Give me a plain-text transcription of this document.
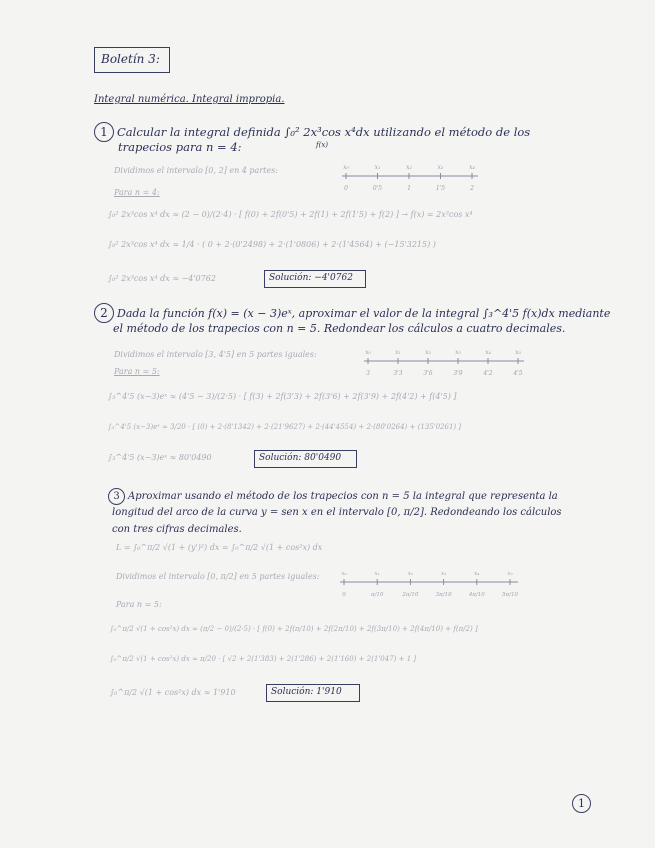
Boletín 3:
Integral numérica. Integral impropia.
1 Calcular la integral definida ∫₀² 2x³cos x⁴dx utilizando el método de los
trapecios para n = 4:	f(x)
Dividimos el intervalo [0, 2] en 4 partes:	x₀
0
x₁
0'5
x₂
1
x₃
1'5
x₄
2
Para n = 4:
∫₀² 2x³cos x⁴ dx ≈ (2 − 0)/(2·4) · [ f(0) + 2f(0'5) + 2f(1) + 2f(1'5) + f(2) ] → f(x) = 2x³cos x⁴
∫₀² 2x³cos x⁴ dx ≈ 1/4 · ( 0 + 2·(0'2498) + 2·(1'0806) + 2·(1'4564) + (−15'3215) )
∫₀² 2x³cos x⁴ dx ≈ −4'0762	Solución: −4'0762
2 Dada la función f(x) = (x − 3)eˣ, aproximar el valor de la integral ∫₃^4'5 f(x)dx mediante
el método de los trapecios con n = 5. Redondear los cálculos a cuatro decimales.
Dividimos el intervalo [3, 4'5] en 5 partes iguales:	x₀
3
x₁
3'3
x₂
3'6
x₃
3'9
x₄
4'2
x₅
4'5
Para n = 5:
∫₃^4'5 (x−3)eˣ ≈ (4'5 − 3)/(2·5) · [ f(3) + 2f(3'3) + 2f(3'6) + 2f(3'9) + 2f(4'2) + f(4'5) ]
∫₃^4'5 (x−3)eˣ ≈ 3/20 · [ (0) + 2·(8'1342) + 2·(21'9627) + 2·(44'4554) + 2·(80'0264) + (135'0261) ]
∫₃^4'5 (x−3)eˣ ≈ 80'0490	Solución: 80'0490
3 Aproximar usando el método de los trapecios con n = 5 la integral que representa la
longitud del arco de la curva y = sen x en el intervalo [0, π/2]. Redondeando los cálculos
con tres cifras decimales.
L = ∫₀^π/2 √(1 + (y')²) dx = ∫₀^π/2 √(1 + cos²x) dx
Dividimos el intervalo [0, π/2] en 5 partes iguales:	x₀
0
x₁
π/10
x₂
2π/10
x₃
3π/10
x₄
4π/10
x₅
5π/10
Para n = 5:
∫₀^π/2 √(1 + cos²x) dx ≈ (π/2 − 0)/(2·5) · [ f(0) + 2f(π/10) + 2f(2π/10) + 2f(3π/10) + 2f(4π/10) + f(π/2) ]
∫₀^π/2 √(1 + cos²x) dx ≈ π/20 · [ √2 + 2(1'383) + 2(1'286) + 2(1'160) + 2(1'047) + 1 ]
∫₀^π/2 √(1 + cos²x) dx ≈ 1'910	Solución: 1'910
1
